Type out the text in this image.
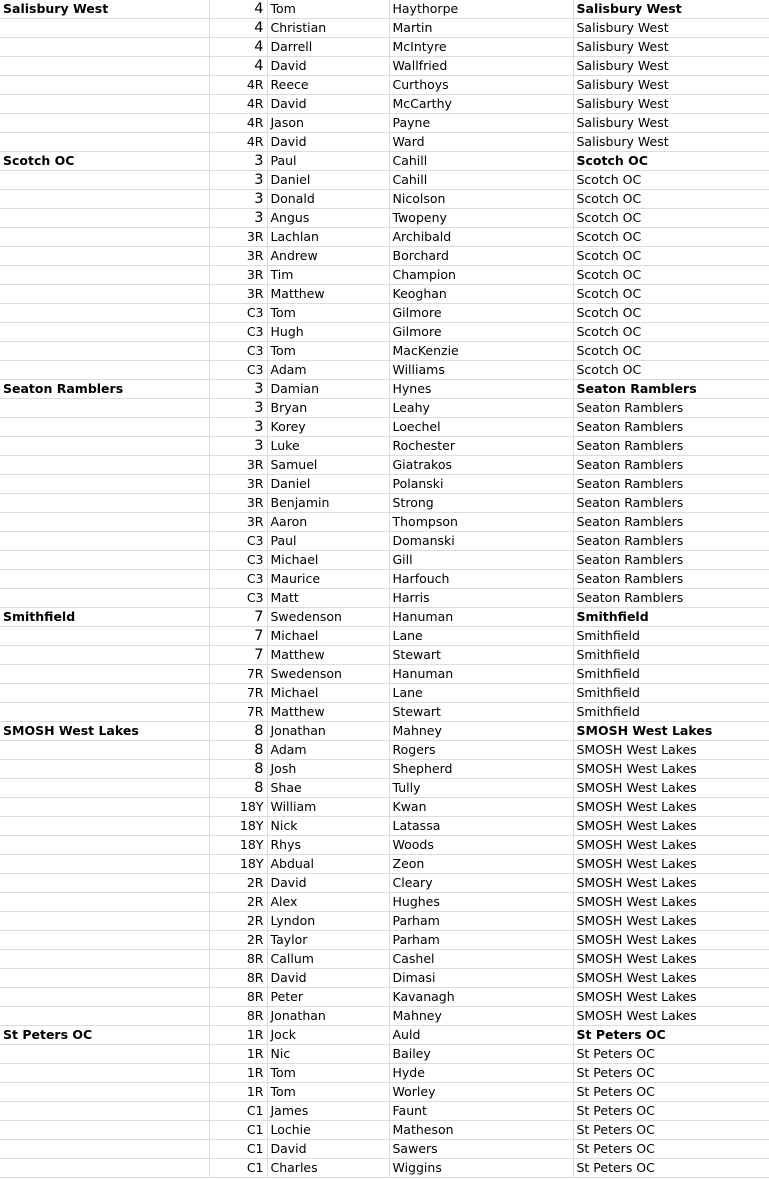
Salisbury West	4	Tom	Haythorpe	Salisbury West
	4	Christian	Martin	Salisbury West
	4	Darrell	McIntyre	Salisbury West
	4	David	Wallfried	Salisbury West
	4R	Reece	Curthoys	Salisbury West
	4R	David	McCarthy	Salisbury West
	4R	Jason	Payne	Salisbury West
	4R	David	Ward	Salisbury West
Scotch OC	3	Paul	Cahill	Scotch OC
	3	Daniel	Cahill	Scotch OC
	3	Donald	Nicolson	Scotch OC
	3	Angus	Twopeny	Scotch OC
	3R	Lachlan	Archibald	Scotch OC
	3R	Andrew	Borchard	Scotch OC
	3R	Tim	Champion	Scotch OC
	3R	Matthew	Keoghan	Scotch OC
	C3	Tom	Gilmore	Scotch OC
	C3	Hugh	Gilmore	Scotch OC
	C3	Tom	MacKenzie	Scotch OC
	C3	Adam	Williams	Scotch OC
Seaton Ramblers	3	Damian	Hynes	Seaton Ramblers
	3	Bryan	Leahy	Seaton Ramblers
	3	Korey	Loechel	Seaton Ramblers
	3	Luke	Rochester	Seaton Ramblers
	3R	Samuel	Giatrakos	Seaton Ramblers
	3R	Daniel	Polanski	Seaton Ramblers
	3R	Benjamin	Strong	Seaton Ramblers
	3R	Aaron	Thompson	Seaton Ramblers
	C3	Paul	Domanski	Seaton Ramblers
	C3	Michael	Gill	Seaton Ramblers
	C3	Maurice	Harfouch	Seaton Ramblers
	C3	Matt	Harris	Seaton Ramblers
Smithfield	7	Swedenson	Hanuman	Smithfield
	7	Michael	Lane	Smithfield
	7	Matthew	Stewart	Smithfield
	7R	Swedenson	Hanuman	Smithfield
	7R	Michael	Lane	Smithfield
	7R	Matthew	Stewart	Smithfield
SMOSH West Lakes	8	Jonathan	Mahney	SMOSH West Lakes
	8	Adam	Rogers	SMOSH West Lakes
	8	Josh	Shepherd	SMOSH West Lakes
	8	Shae	Tully	SMOSH West Lakes
	18Y	William	Kwan	SMOSH West Lakes
	18Y	Nick	Latassa	SMOSH West Lakes
	18Y	Rhys	Woods	SMOSH West Lakes
	18Y	Abdual	Zeon	SMOSH West Lakes
	2R	David	Cleary	SMOSH West Lakes
	2R	Alex	Hughes	SMOSH West Lakes
	2R	Lyndon	Parham	SMOSH West Lakes
	2R	Taylor	Parham	SMOSH West Lakes
	8R	Callum	Cashel	SMOSH West Lakes
	8R	David	Dimasi	SMOSH West Lakes
	8R	Peter	Kavanagh	SMOSH West Lakes
	8R	Jonathan	Mahney	SMOSH West Lakes
St Peters OC	1R	Jock	Auld	St Peters OC
	1R	Nic	Bailey	St Peters OC
	1R	Tom	Hyde	St Peters OC
	1R	Tom	Worley	St Peters OC
	C1	James	Faunt	St Peters OC
	C1	Lochie	Matheson	St Peters OC
	C1	David	Sawers	St Peters OC
	C1	Charles	Wiggins	St Peters OC
